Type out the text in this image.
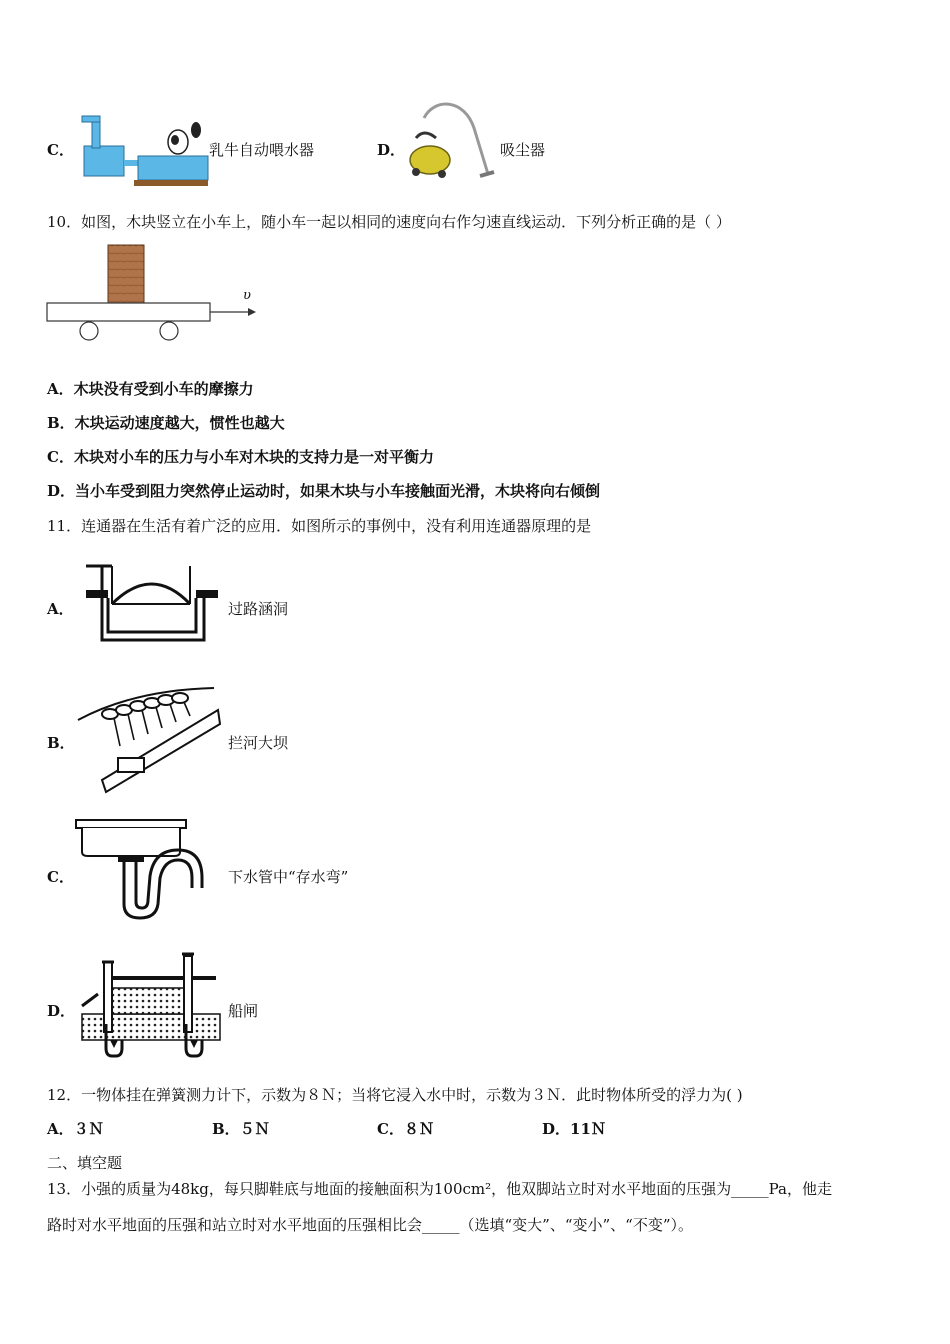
C．	乳牛自动喂水器	D．	吸尘器
10．如图，木块竖立在小车上，随小车一起以相同的速度向右作匀速直线运动．下列分析正确的是（ ）
υ
A．木块没有受到小车的摩擦力
B．木块运动速度越大，惯性也越大
C．木块对小车的压力与小车对木块的支持力是一对平衡力
D．当小车受到阻力突然停止运动时，如果木块与小车接触面光滑，木块将向右倾倒
11．连通器在生活有着广泛的应用．如图所示的事例中，没有利用连通器原理的是
A．	过路涵洞
B．	拦河大坝
C．	下水管中“存水弯”
D．	船闸
12．一物体挂在弹簧测力计下，示数为８Ｎ；当将它浸入水中时，示数为３Ｎ．此时物体所受的浮力为( )
A．３Ｎ	B．５Ｎ	C．８Ｎ	D．11Ｎ
二、填空题
13．小强的质量为48kg，每只脚鞋底与地面的接触面积为100cm²，他双脚站立时对水平地面的压强为_____Pa，他走
路时对水平地面的压强和站立时对水平地面的压强相比会_____（选填“变大”、“变小”、“不变”）。
